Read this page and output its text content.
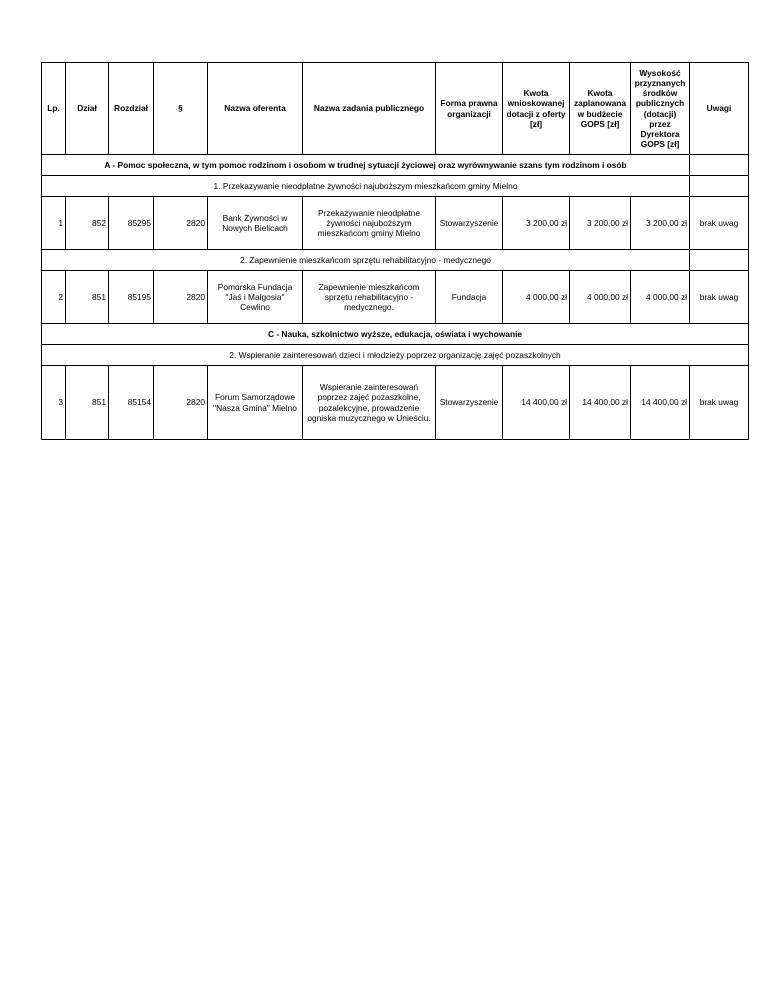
Lp.	Dział	Rozdział	§	Nazwa oferenta	Nazwa zadania publicznego	Forma prawna organizacji	Kwota wnioskowanej dotacji z oferty [zł]	Kwota zaplanowana w budżecie GOPS [zł]	Wysokość przyznanych środków publicznych (dotacji) przez Dyrektora GOPS [zł]	Uwagi
A - Pomoc społeczna, w tym pomoc rodzinom i osobom w trudnej sytuacji życiowej oraz wyrównywanie szans tym rodzinom i osób										
1. Przekazywanie nieodpłatne żywności najuboższym mieszkańcom gminy Mielno										
1	852	85295	2820	Bank Żywności w Nowych Bielicach	Przekazywanie nieodpłatne żywności najuboższym mieszkańcom gminy Mielno	Stowarzyszenie	3 200,00 zł	3 200,00 zł	3 200,00 zł	brak uwag
2. Zapewnienie mieszkańcom sprzętu rehabilitacyjno - medycznego										
2	851	85195	2820	Pomorska Fundacja "Jaś i Małgosia" Cewlino	Zapewnienie mieszkańcom sprzętu rehabilitacyjno - medycznego.	Fundacja	4 000,00 zł	4 000,00 zł	4 000,00 zł	brak uwag
C - Nauka, szkolnictwo wyższe, edukacja, oświata i wychowanie										
2. Wspieranie zainteresowań dzieci i młodzieży poprzez organizację zajęć pozaszkolnych										
3	851	85154	2820	Forum Samorządowe "Nasza Gmina" Mielno	Wspieranie zainteresowań poprzez zajęć pozaszkolne, pozalekcyjne, prowadzenie ogniska muzycznego w Unieściu.	Stowarzyszenie	14 400,00 zł	14 400,00 zł	14 400,00 zł	brak uwag
